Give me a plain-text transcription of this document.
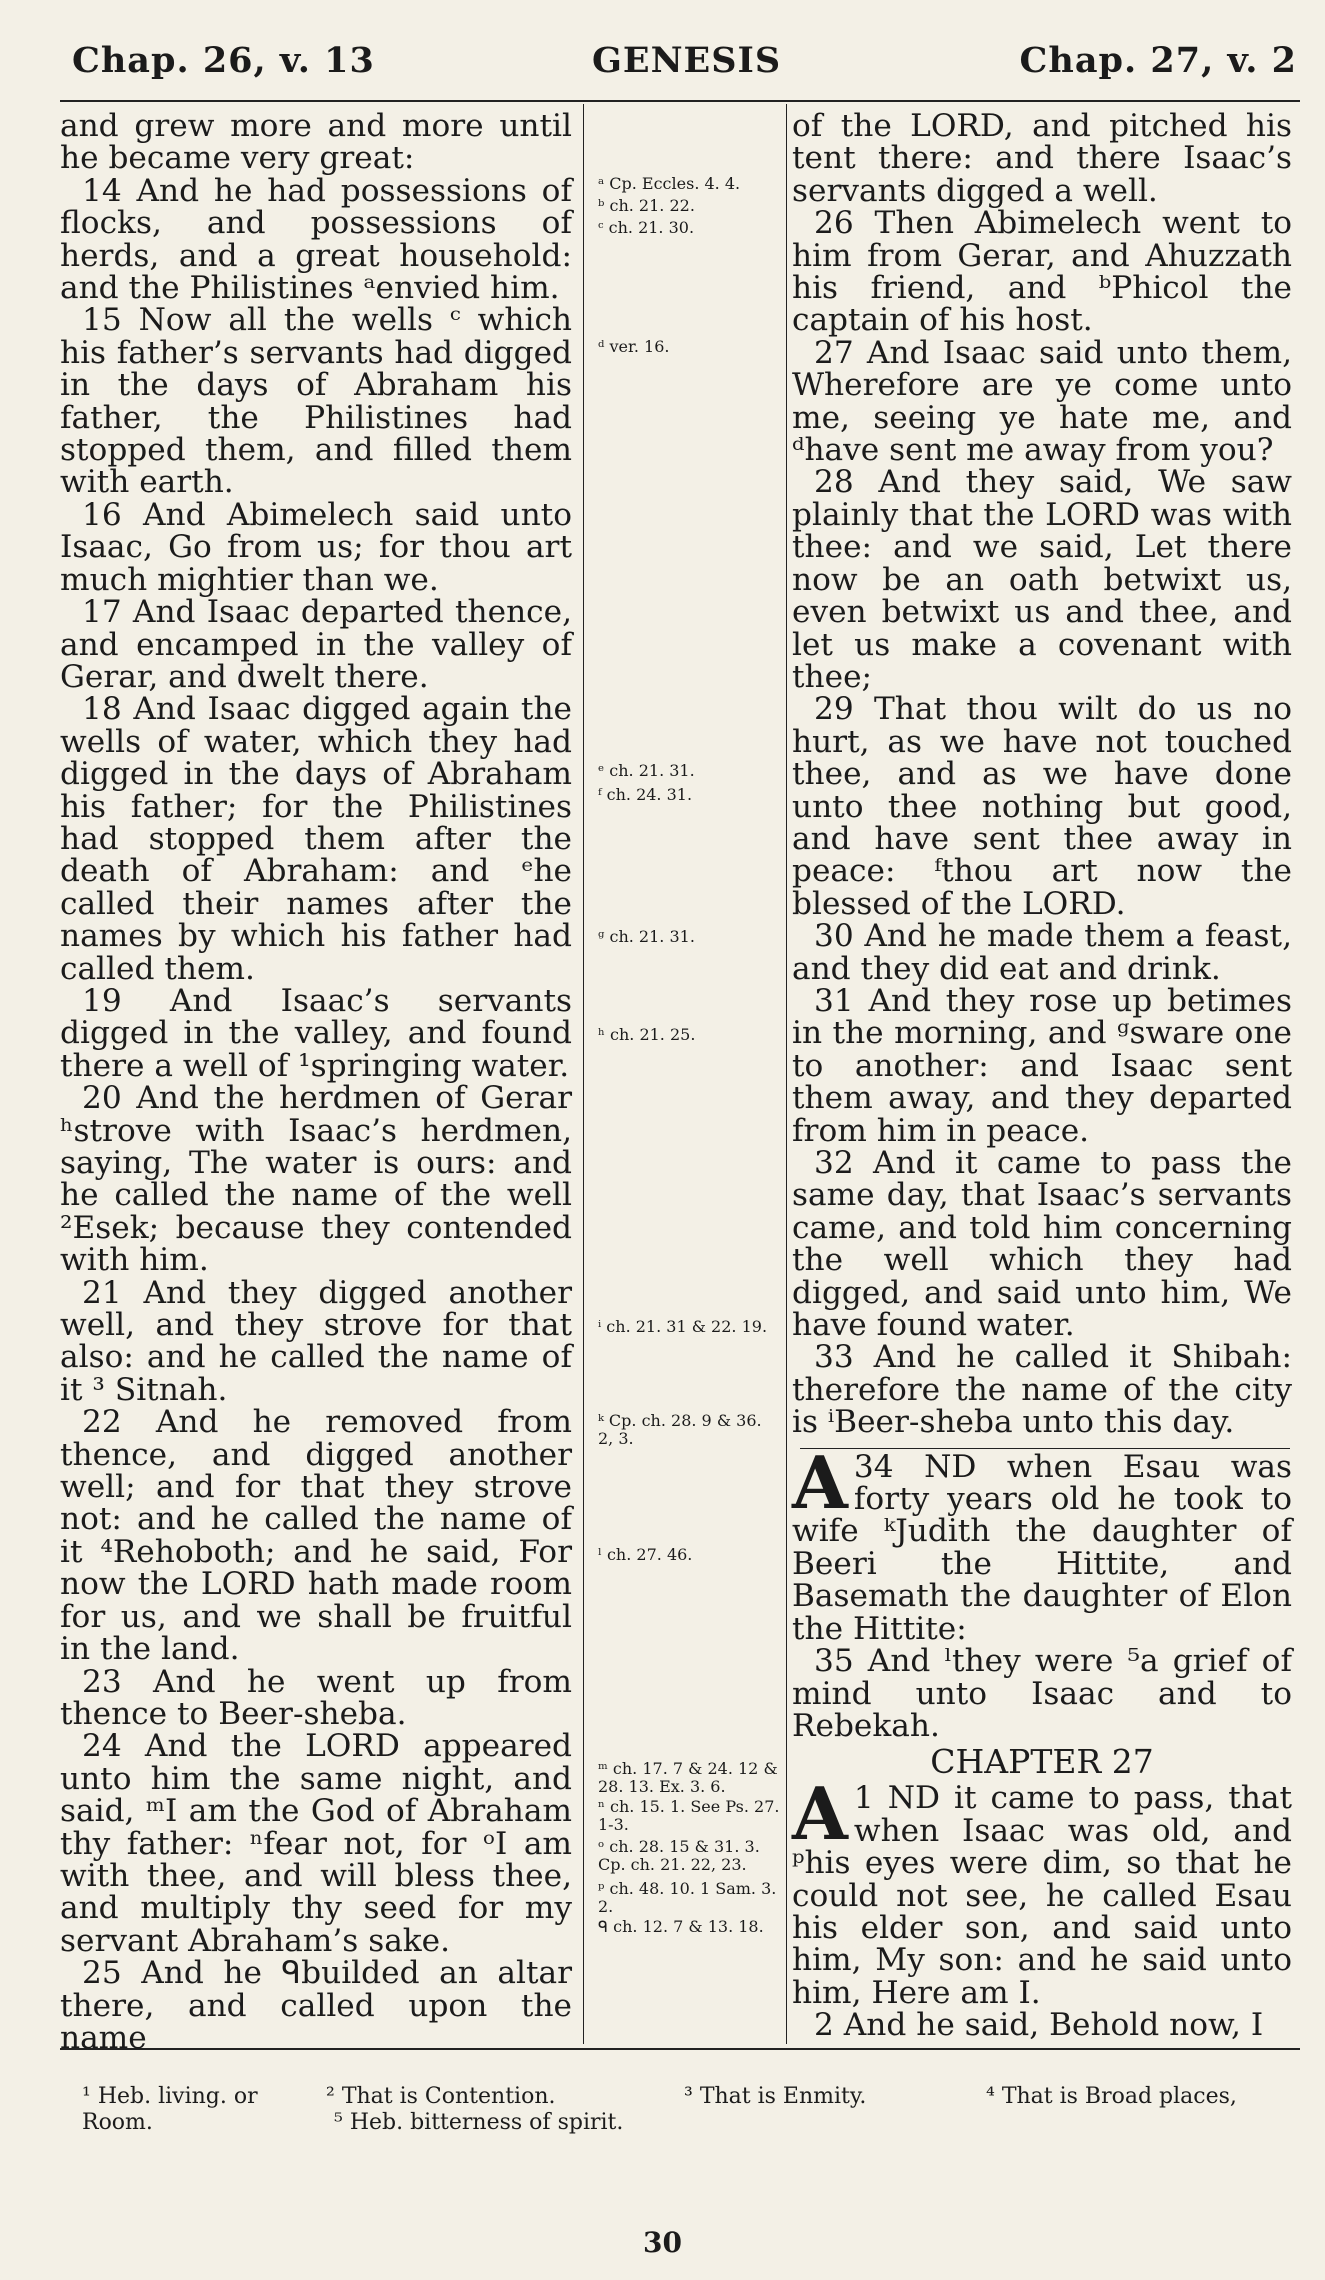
Chap. 26, v. 13	GENESIS	Chap. 27, v. 2

and grew more and more until he became very great:

14 And he had possessions of flocks, and possessions of herds, and a great household: and the Philistines ᵃenvied him.

15 Now all the wells ᶜ which his father’s servants had digged in the days of Abraham his father, the Philistines had stopped them, and filled them with earth.

16 And Abimelech said unto Isaac, Go from us; for thou art much mightier than we.

17 And Isaac departed thence, and encamped in the valley of Gerar, and dwelt there.

18 And Isaac digged again the wells of water, which they had digged in the days of Abraham his father; for the Philistines had stopped them after the death of Abraham: and ᵉhe called their names after the names by which his father had called them.

19 And Isaac’s servants digged in the valley, and found there a well of ¹springing water.

20 And the herdmen of Gerar ʰstrove with Isaac’s herdmen, saying, The water is ours: and he called the name of the well ²Esek; because they contended with him.

21 And they digged another well, and they strove for that also: and he called the name of it ³ Sitnah.

22 And he removed from thence, and digged another well; and for that they strove not: and he called the name of it ⁴Rehoboth; and he said, For now the LORD hath made room for us, and we shall be fruitful in the land.

23 And he went up from thence to Beer-sheba.

24 And the LORD appeared unto him the same night, and said, ᵐI am the God of Abraham thy father: ⁿfear not, for ᵒI am with thee, and will bless thee, and multiply thy seed for my servant Abraham’s sake.

25 And he ᑫbuilded an altar there, and called upon the name

ᵃ Cp. Eccles. 4. 4.
ᵇ ch. 21. 22.
ᶜ ch. 21. 30.
ᵈ ver. 16.
ᵉ ch. 21. 31.
ᶠ ch. 24. 31.
ᵍ ch. 21. 31.
ʰ ch. 21. 25.
ⁱ ch. 21. 31 & 22. 19.
ᵏ Cp. ch. 28. 9 & 36. 2, 3.
ˡ ch. 27. 46.
ᵐ ch. 17. 7 & 24. 12 & 28. 13. Ex. 3. 6.
ⁿ ch. 15. 1. See Ps. 27. 1-3.
ᵒ ch. 28. 15 & 31. 3. Cp. ch. 21. 22, 23.
ᵖ ch. 48. 10. 1 Sam. 3. 2.
ᑫ ch. 12. 7 & 13. 18.

of the LORD, and pitched his tent there: and there Isaac’s servants digged a well.

26 Then Abimelech went to him from Gerar, and Ahuzzath his friend, and ᵇPhicol the captain of his host.

27 And Isaac said unto them, Wherefore are ye come unto me, seeing ye hate me, and ᵈhave sent me away from you?

28 And they said, We saw plainly that the LORD was with thee: and we said, Let there now be an oath betwixt us, even betwixt us and thee, and let us make a covenant with thee;

29 That thou wilt do us no hurt, as we have not touched thee, and as we have done unto thee nothing but good, and have sent thee away in peace: ᶠthou art now the blessed of the LORD.

30 And he made them a feast, and they did eat and drink.

31 And they rose up betimes in the morning, and ᵍsware one to another: and Isaac sent them away, and they departed from him in peace.

32 And it came to pass the same day, that Isaac’s servants came, and told him concerning the well which they had digged, and said unto him, We have found water.

33 And he called it Shibah: therefore the name of the city is ⁱBeer-sheba unto this day.

34
A ND when Esau was forty years old he took to wife ᵏJudith the daughter of Beeri the Hittite, and Basemath the daughter of Elon the Hittite:

35 And ˡthey were ⁵a grief of mind unto Isaac and to Rebekah.

CHAPTER 27

1
A ND it came to pass, that when Isaac was old, and ᵖhis eyes were dim, so that he could not see, he called Esau his elder son, and said unto him, My son: and he said unto him, Here am I.

2 And he said, Behold now, I

¹ Heb. living. or Room.
² That is Contention.
⁵ Heb. bitterness of spirit.
³ That is Enmity.	⁴ That is Broad places,
30
